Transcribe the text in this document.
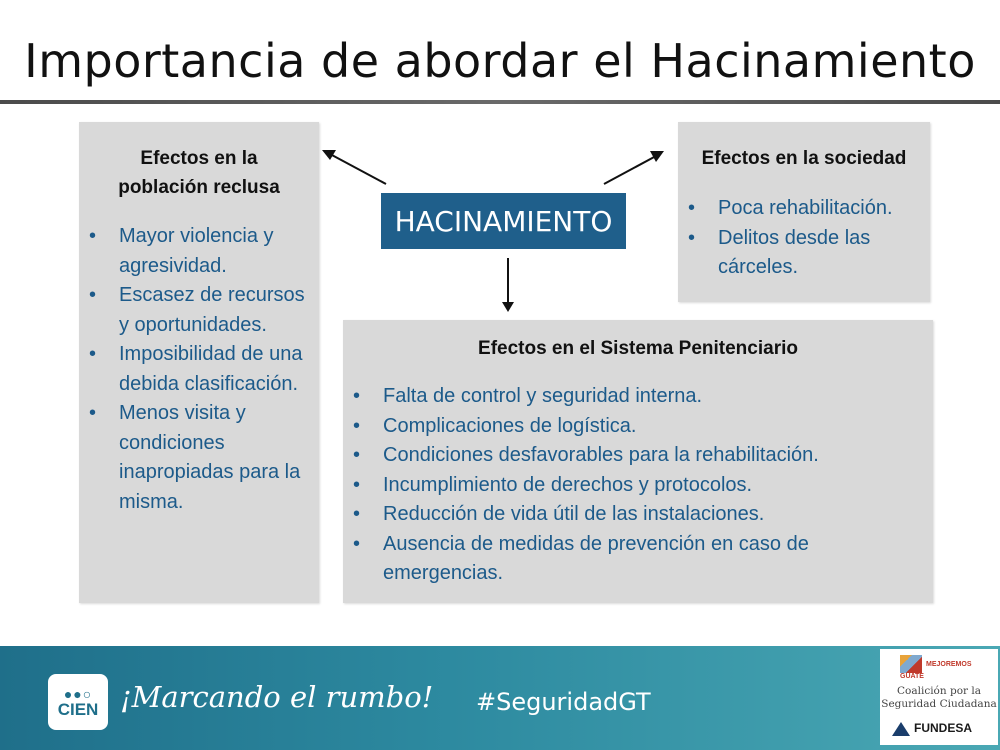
Importancia de abordar el Hacinamiento
Efectos en la
población reclusa
• Mayor violencia y agresividad.
• Escasez de recursos y oportunidades.
• Imposibilidad de una debida clasificación.
• Menos visita y condiciones inapropiadas para la misma.
Efectos en la sociedad
• Poca rehabilitación.
• Delitos desde las cárceles.
Efectos en el Sistema Penitenciario
• Falta de control y seguridad interna.
• Complicaciones de logística.
• Condiciones desfavorables para la rehabilitación.
• Incumplimiento de derechos y protocolos.
• Reducción de vida útil de las instalaciones.
• Ausencia de medidas de prevención en caso de emergencias.
HACINAMIENTO
●●○
CIEN ¡Marcando el rumbo! #SeguridadGT
MEJOREMOS GUATE
Coalición por la Seguridad Ciudadana
FUNDESA
